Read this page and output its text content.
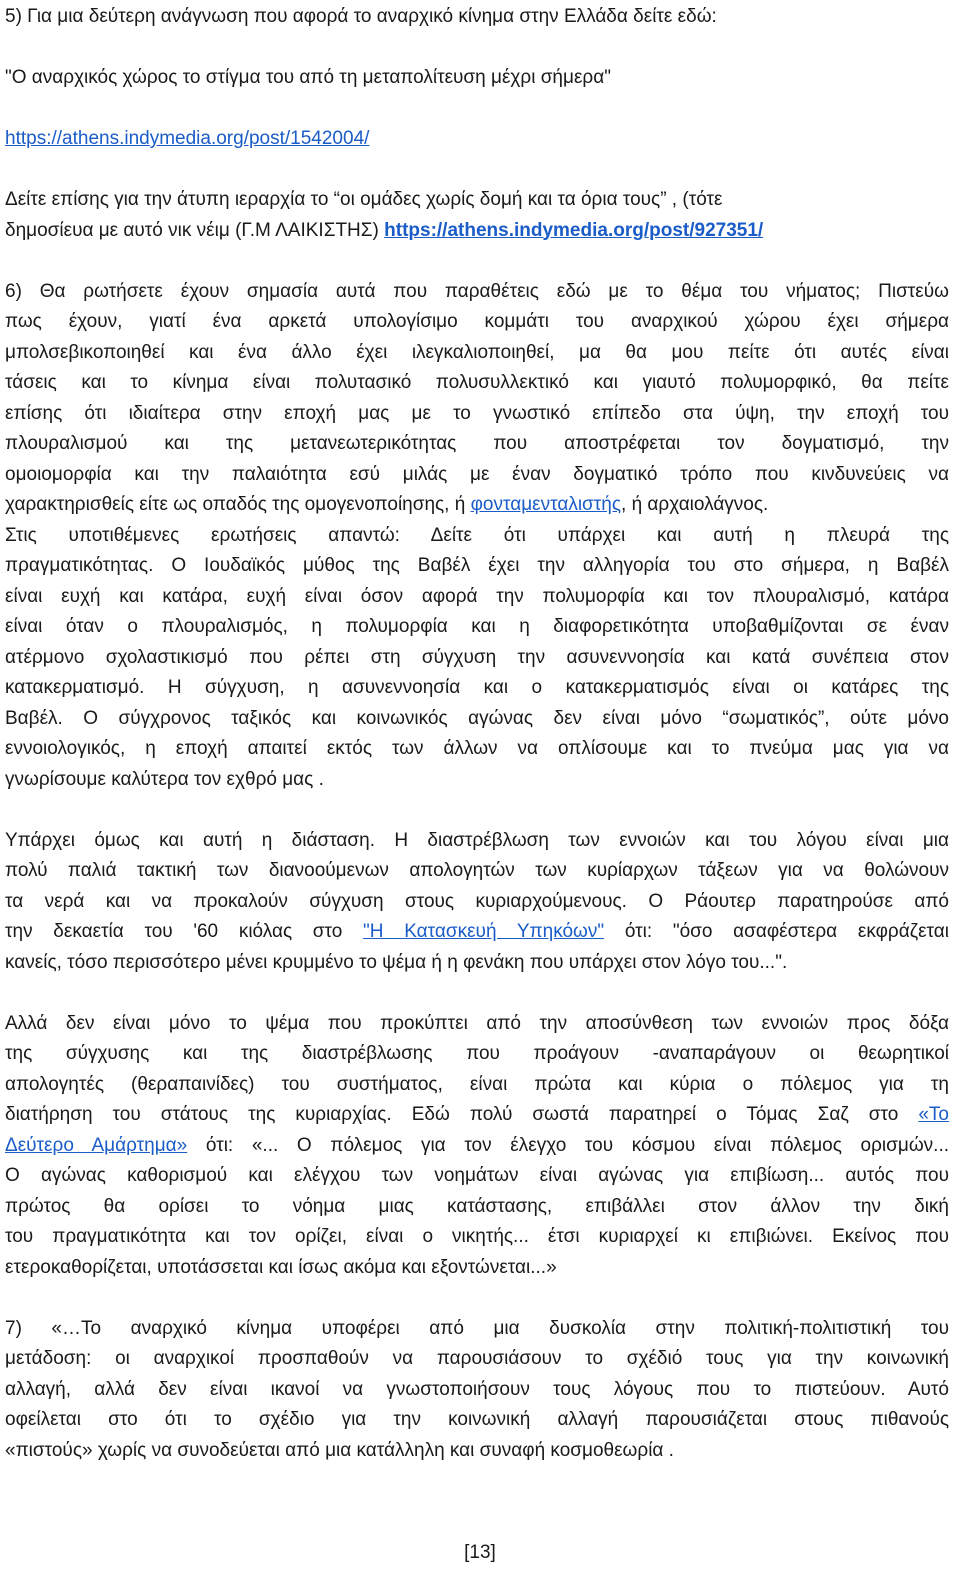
5) Για μια δεύτερη ανάγνωση που αφορά το αναρχικό κίνημα στην Ελλάδα δείτε εδώ:

"Ο αναρχικός χώρος το στίγμα του από τη μεταπολίτευση μέχρι σήμερα"

https://athens.indymedia.org/post/1542004/

Δείτε επίσης για την άτυπη ιεραρχία το “οι ομάδες χωρίς δομή και τα όρια τους” , (τότε

δημοσίευα με αυτό νικ νέιμ (Γ.Μ ΛΑΙΚΙΣΤΗΣ) https://athens.indymedia.org/post/927351/

6) Θα ρωτήσετε έχουν σημασία αυτά που παραθέτεις εδώ με το θέμα του νήματος; Πιστεύω

πως έχουν, γιατί ένα αρκετά υπολογίσιμο κομμάτι του αναρχικού χώρου έχει σήμερα

μπολσεβικοποιηθεί και ένα άλλο έχει ιλεγκαλιοποιηθεί, μα θα μου πείτε ότι αυτές είναι

τάσεις και το κίνημα είναι πολυτασικό πολυσυλλεκτικό και γιαυτό πολυμορφικό, θα πείτε

επίσης ότι ιδιαίτερα στην εποχή μας με το γνωστικό επίπεδο στα ύψη, την εποχή του

πλουραλισμού και της μετανεωτερικότητας που αποστρέφεται τον δογματισμό, την

ομοιομορφία και την παλαιότητα εσύ μιλάς με έναν δογματικό τρόπο που κινδυνεύεις να

χαρακτηρισθείς είτε ως οπαδός της ομογενοποίησης, ή φονταμενταλιστής, ή αρχαιολάγνος.

Στις υποτιθέμενες ερωτήσεις απαντώ: Δείτε ότι υπάρχει και αυτή η πλευρά της

πραγματικότητας. Ο Ιουδαϊκός μύθος της Βαβέλ έχει την αλληγορία του στο σήμερα, η Βαβέλ

είναι ευχή και κατάρα, ευχή είναι όσον αφορά την πολυμορφία και τον πλουραλισμό, κατάρα

είναι όταν ο πλουραλισμός, η πολυμορφία και η διαφορετικότητα υποβαθμίζονται σε έναν

ατέρμονο σχολαστικισμό που ρέπει στη σύγχυση την ασυνεννοησία και κατά συνέπεια στον

κατακερματισμό. Η σύγχυση, η ασυνεννοησία και ο κατακερματισμός είναι οι κατάρες της

Βαβέλ. Ο σύγχρονος ταξικός και κοινωνικός αγώνας δεν είναι μόνο “σωματικός”, ούτε μόνο

εννοιολογικός, η εποχή απαιτεί εκτός των άλλων να οπλίσουμε και το πνεύμα μας για να

γνωρίσουμε καλύτερα τον εχθρό μας .

Υπάρχει όμως και αυτή η διάσταση. Η διαστρέβλωση των εννοιών και του λόγου είναι μια

πολύ παλιά τακτική των διανοούμενων απολογητών των κυρίαρχων τάξεων για να θολώνουν

τα νερά και να προκαλούν σύγχυση στους κυριαρχούμενους. Ο Ράουτερ παρατηρούσε από

την δεκαετία του '60 κιόλας στο "Η Κατασκευή Υπηκόων" ότι: "όσο ασαφέστερα εκφράζεται

κανείς, τόσο περισσότερο μένει κρυμμένο το ψέμα ή η φενάκη που υπάρχει στον λόγο του...".

Αλλά δεν είναι μόνο το ψέμα που προκύπτει από την αποσύνθεση των εννοιών προς δόξα

της σύγχυσης και της διαστρέβλωσης που προάγουν -αναπαράγουν οι θεωρητικοί

απολογητές (θεραπαινίδες) του συστήματος, είναι πρώτα και κύρια ο πόλεμος για τη

διατήρηση του στάτους της κυριαρχίας. Εδώ πολύ σωστά παρατηρεί ο Τόμας Σαζ στο «Το

Δεύτερο Αμάρτημα» ότι: «... Ο πόλεμος για τον έλεγχο του κόσμου είναι πόλεμος ορισμών...

Ο αγώνας καθορισμού και ελέγχου των νοημάτων είναι αγώνας για επιβίωση... αυτός που

πρώτος θα ορίσει το νόημα μιας κατάστασης, επιβάλλει στον άλλον την δική

του πραγματικότητα και τον ορίζει, είναι ο νικητής... έτσι κυριαρχεί κι επιβιώνει. Εκείνος που

ετεροκαθορίζεται, υποτάσσεται και ίσως ακόμα και εξοντώνεται...»

7) «…Το αναρχικό κίνημα υποφέρει από μια δυσκολία στην πολιτική-πολιτιστική του

μετάδοση: οι αναρχικοί προσπαθούν να παρουσιάσουν το σχέδιό τους για την κοινωνική

αλλαγή, αλλά δεν είναι ικανοί να γνωστοποιήσουν τους λόγους που το πιστεύουν. Αυτό

οφείλεται στο ότι το σχέδιο για την κοινωνική αλλαγή παρουσιάζεται στους πιθανούς

«πιστούς» χωρίς να συνοδεύεται από μια κατάλληλη και συναφή κοσμοθεωρία .

[13]
